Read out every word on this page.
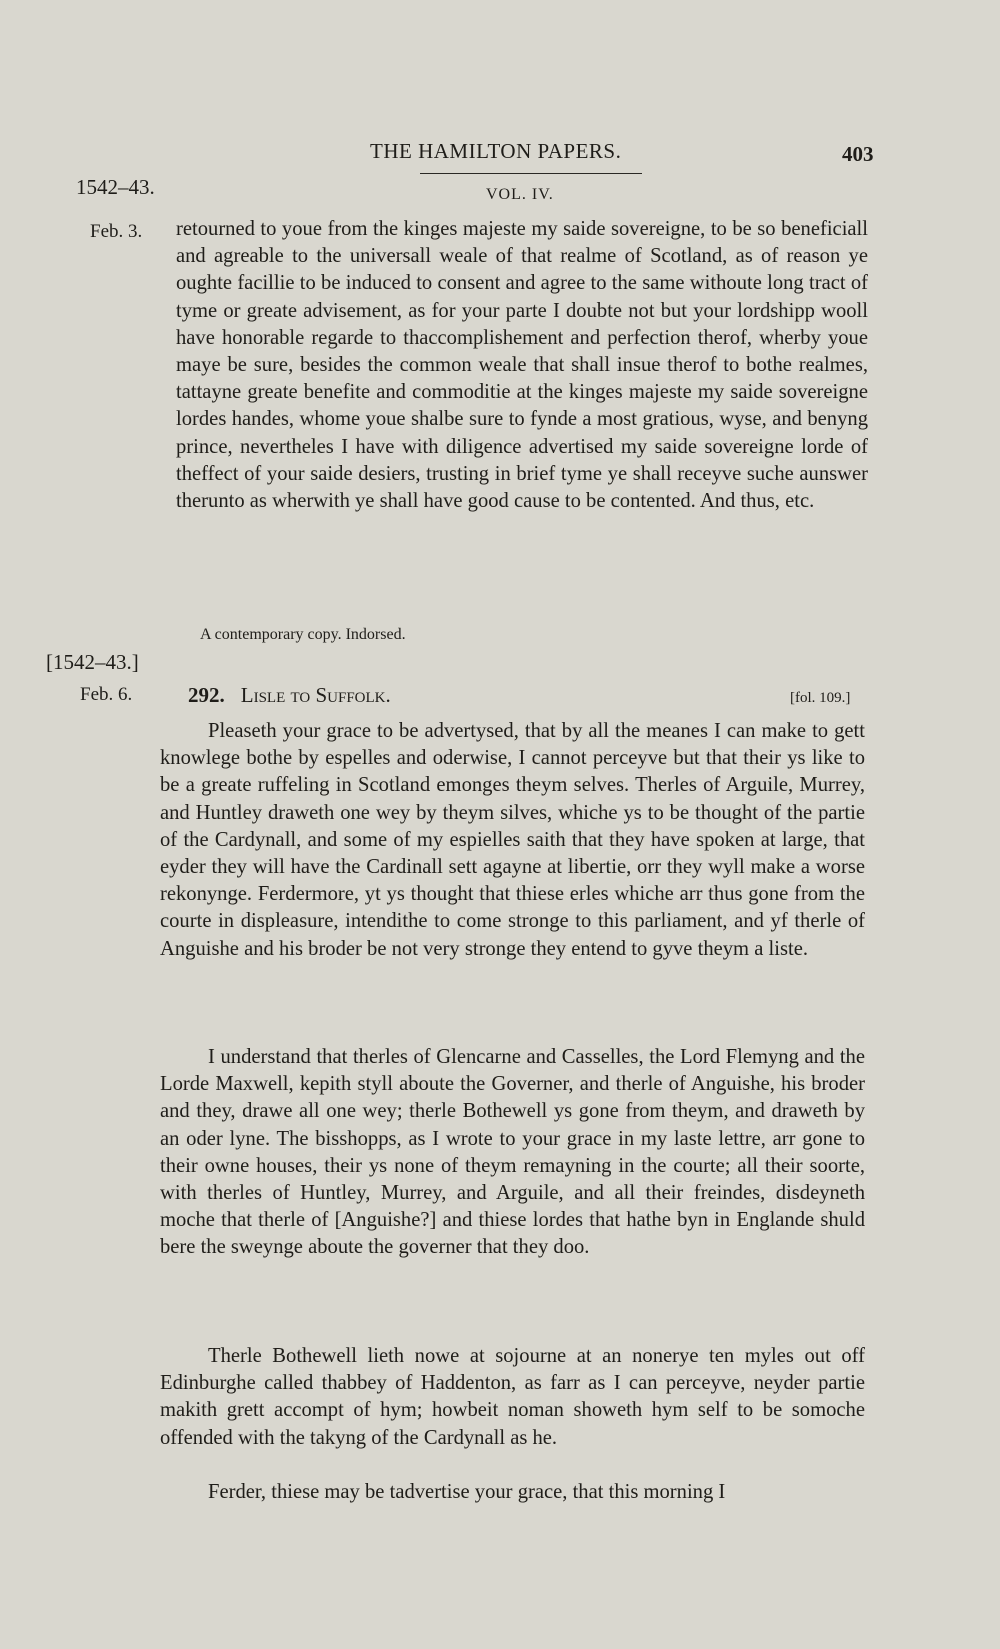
THE HAMILTON PAPERS.	403
1542–43.	VOL. IV.
Feb. 3. retourned to youe from the kinges majeste my saide sovereigne, to be so beneficiall and agreable to the universall weale of that realme of Scotland, as of reason ye oughte facillie to be induced to consent and agree to the same withoute long tract of tyme or greate advisement, as for your parte I doubte not but your lordshipp wooll have honorable regarde to thaccomplishement and perfection therof, wherby youe maye be sure, besides the common weale that shall insue therof to bothe realmes, tattayne greate benefite and commoditie at the kinges majeste my saide sovereigne lordes handes, whome youe shalbe sure to fynde a most gratious, wyse, and benyng prince, nevertheles I have with diligence advertised my saide sovereigne lorde of theffect of your saide desiers, trusting in brief tyme ye shall receyve suche aunswer therunto as wherwith ye shall have good cause to be contented. And thus, etc.

A contemporary copy. Indorsed.
[1542–43.]
Feb. 6.	292. Lisle to Suffolk.	[fol. 109.]

Pleaseth your grace to be advertysed, that by all the meanes I can make to gett knowlege bothe by espelles and oderwise, I cannot perceyve but that their ys like to be a greate ruffeling in Scotland emonges theym selves. Therles of Arguile, Murrey, and Huntley draweth one wey by theym silves, whiche ys to be thought of the partie of the Cardynall, and some of my espielles saith that they have spoken at large, that eyder they will have the Cardinall sett agayne at libertie, orr they wyll make a worse rekonynge. Ferdermore, yt ys thought that thiese erles whiche arr thus gone from the courte in displeasure, intendithe to come stronge to this parliament, and yf therle of Anguishe and his broder be not very stronge they entend to gyve theym a liste.

I understand that therles of Glencarne and Casselles, the Lord Flemyng and the Lorde Maxwell, kepith styll aboute the Governer, and therle of Anguishe, his broder and they, drawe all one wey; therle Bothewell ys gone from theym, and draweth by an oder lyne. The bisshopps, as I wrote to your grace in my laste lettre, arr gone to their owne houses, their ys none of theym remayning in the courte; all their soorte, with therles of Huntley, Murrey, and Arguile, and all their freindes, disdeyneth moche that therle of [Anguishe?] and thiese lordes that hathe byn in Englande shuld bere the sweynge aboute the governer that they doo.

Therle Bothewell lieth nowe at sojourne at an nonerye ten myles out off Edinburghe called thabbey of Haddenton, as farr as I can perceyve, neyder partie makith grett accompt of hym; howbeit noman showeth hym self to be somoche offended with the takyng of the Cardynall as he.

Ferder, thiese may be tadvertise your grace, that this morning I
